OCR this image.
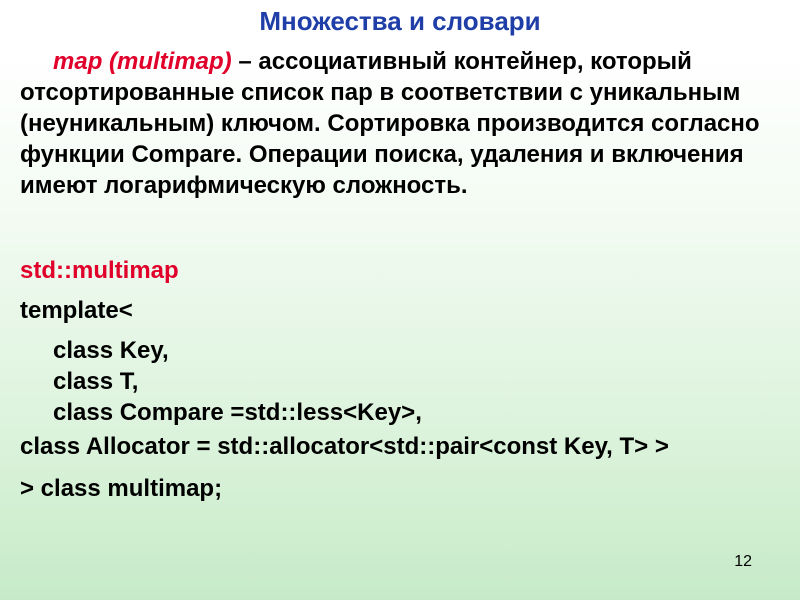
Множества и словари

map (multimap) – ассоциативный контейнер, который отсортированные список пар в соответствии с уникальным (неуникальным) ключом. Сортировка производится согласно функции Compare. Операции поиска, удаления и включения имеют логарифмическую сложность.

std::multimap
template<
class Key,
class T,
class Compare =std::less<Key>,
class Allocator = std::allocator<std::pair<const Key, T> >
> class multimap;
12
